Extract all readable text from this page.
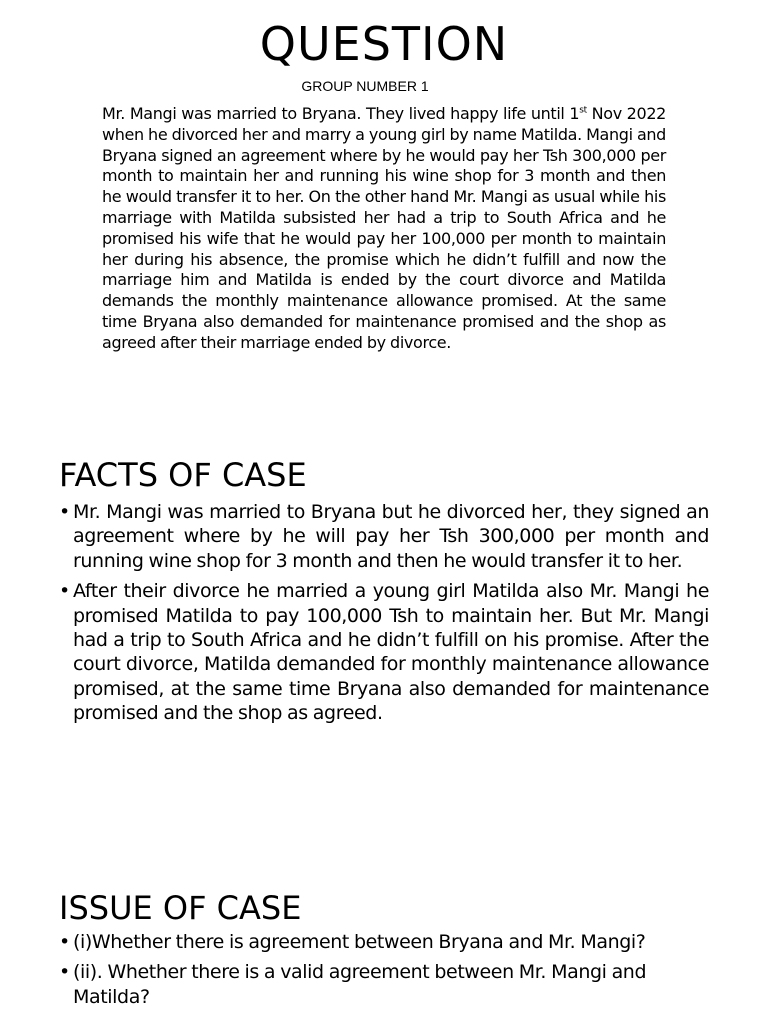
QUESTION
GROUP NUMBER 1

Mr. Mangi was married to Bryana. They lived happy life until 1st Nov 2022 when he divorced her and marry a young girl by name Matilda. Mangi and Bryana signed an agreement where by he would pay her Tsh 300,000 per month to maintain her and running his wine shop for 3 month and then he would transfer it to her. On the other hand Mr. Mangi as usual while his marriage with Matilda subsisted her had a trip to South Africa and he promised his wife that he would pay her 100,000 per month to maintain her during his absence, the promise which he didn’t fulfill and now the marriage him and Matilda is ended by the court divorce and Matilda demands the monthly maintenance allowance promised. At the same time Bryana also demanded for maintenance promised and the shop as agreed after their marriage ended by divorce.

FACTS OF CASE
• Mr. Mangi was married to Bryana but he divorced her, they signed an agreement where by he will pay her Tsh 300,000 per month and running wine shop for 3 month and then he would transfer it to her.
• After their divorce he married a young girl Matilda also Mr. Mangi he promised Matilda to pay 100,000 Tsh to maintain her. But Mr. Mangi had a trip to South Africa and he didn’t fulfill on his promise. After the court divorce, Matilda demanded for monthly maintenance allowance promised, at the same time Bryana also demanded for maintenance promised and the shop as agreed.
ISSUE OF CASE
• (i)Whether there is agreement between Bryana and Mr. Mangi?
• (ii). Whether there is a valid agreement between Mr. Mangi and Matilda?
